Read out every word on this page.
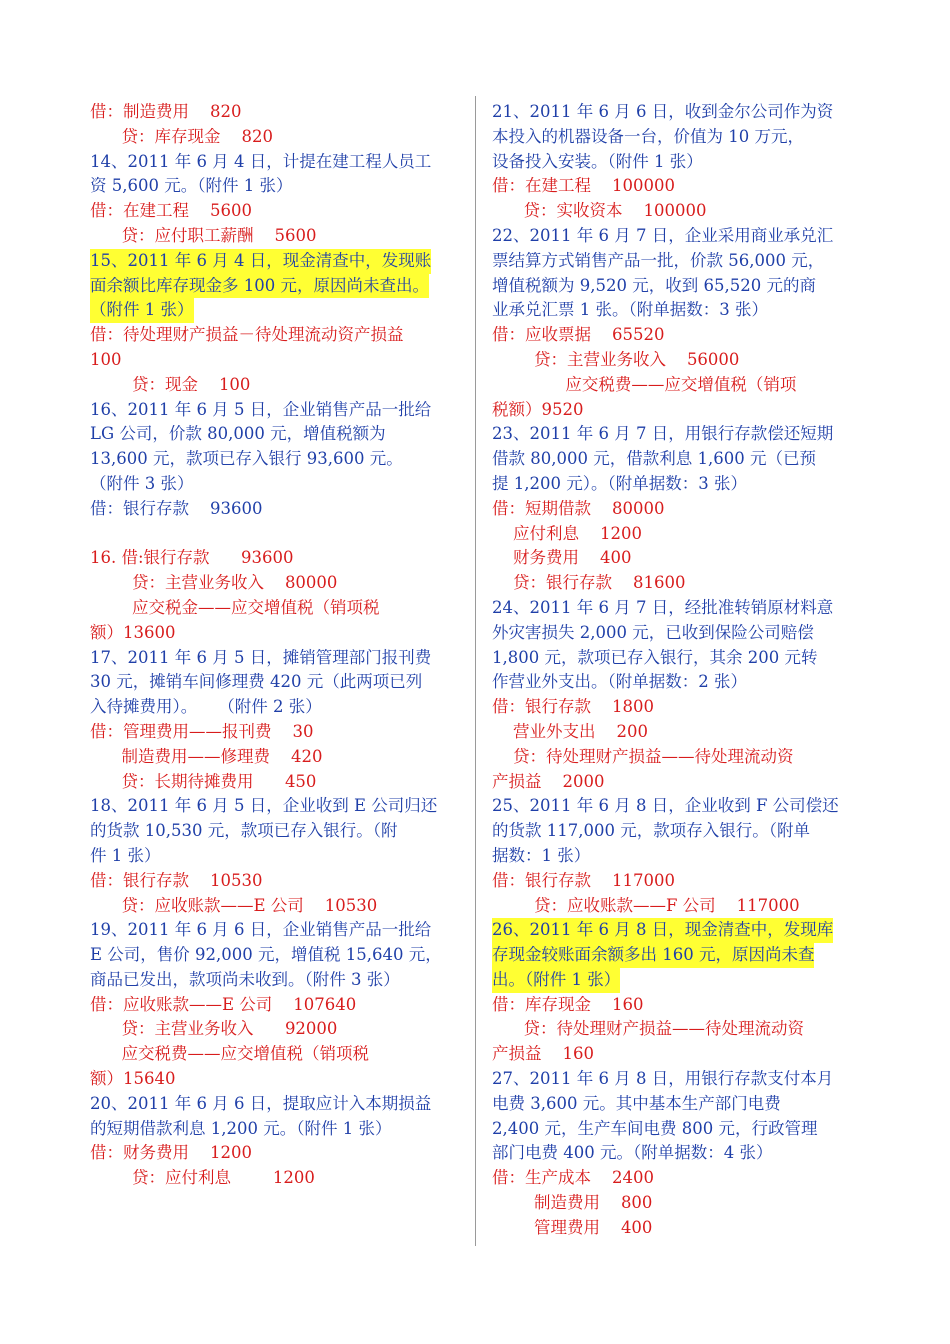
借：制造费用    820
贷：库存现金    820
14、2011 年 6 月 4 日，计提在建工程人员工
资 5,600 元。（附件 1 张）
借：在建工程    5600
贷：应付职工薪酬    5600
15、2011 年 6 月 4 日，现金清查中，发现账
面余额比库存现金多 100 元，原因尚未查出。
（附件 1 张）
借：待处理财产损益－待处理流动资产损益
100
贷：现金    100
16、2011 年 6 月 5 日，企业销售产品一批给
LG 公司，价款 80,000 元，增值税额为
13,600 元，款项已存入银行 93,600 元。
（附件 3 张）
借：银行存款    93600
16. 借:银行存款      93600
贷：主营业务收入    80000
应交税金——应交增值税（销项税
额）13600
17、2011 年 6 月 5 日，摊销管理部门报刊费
30 元，摊销车间修理费 420 元（此两项已列
入待摊费用）。    （附件 2 张）
借：管理费用——报刊费    30
制造费用——修理费    420
贷：长期待摊费用      450
18、2011 年 6 月 5 日，企业收到 E 公司归还
的货款 10,530 元，款项已存入银行。（附
件 1 张）
借：银行存款    10530
贷：应收账款——E 公司    10530
19、2011 年 6 月 6 日，企业销售产品一批给
E 公司，售价 92,000 元，增值税 15,640 元，
商品已发出，款项尚未收到。（附件 3 张）
借：应收账款——E 公司    107640
贷：主营业务收入      92000
应交税费——应交增值税（销项税
额）15640
20、2011 年 6 月 6 日，提取应计入本期损益
的短期借款利息 1,200 元。（附件 1 张）
借：财务费用    1200
贷：应付利息        1200
21、2011 年 6 月 6 日，收到金尔公司作为资
本投入的机器设备一台，价值为 10 万元，
设备投入安装。（附件 1 张）
借：在建工程    100000
贷：实收资本    100000
22、2011 年 6 月 7 日，企业采用商业承兑汇
票结算方式销售产品一批，价款 56,000 元，
增值税额为 9,520 元，收到 65,520 元的商
业承兑汇票 1 张。（附单据数：3 张）
借：应收票据    65520
贷：主营业务收入    56000
应交税费——应交增值税（销项
税额）9520
23、2011 年 6 月 7 日，用银行存款偿还短期
借款 80,000 元，借款利息 1,600 元（已预
提 1,200 元）。（附单据数：3 张）
借：短期借款    80000
应付利息    1200
财务费用    400
贷：银行存款    81600
24、2011 年 6 月 7 日，经批准转销原材料意
外灾害损失 2,000 元，已收到保险公司赔偿
1,800 元，款项已存入银行，其余 200 元转
作营业外支出。（附单据数：2 张）
借：银行存款    1800
营业外支出    200
贷：待处理财产损益——待处理流动资
产损益    2000
25、2011 年 6 月 8 日，企业收到 F 公司偿还
的货款 117,000 元，款项存入银行。（附单
据数：1 张）
借：银行存款    117000
贷：应收账款——F 公司    117000
26、2011 年 6 月 8 日，现金清查中，发现库
存现金较账面余额多出 160 元，原因尚未查
出。（附件 1 张）
借：库存现金    160
贷：待处理财产损益——待处理流动资
产损益    160
27、2011 年 6 月 8 日，用银行存款支付本月
电费 3,600 元。其中基本生产部门电费
2,400 元，生产车间电费 800 元，行政管理
部门电费 400 元。（附单据数：4 张）
借：生产成本    2400
制造费用    800
管理费用    400
